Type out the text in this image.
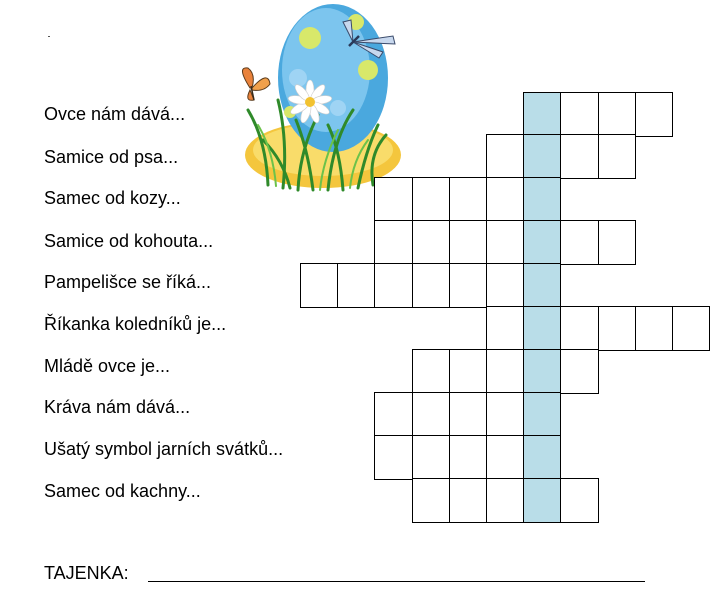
Ovce nám dává...
Samice od psa...
Samec od kozy...
Samice od kohouta...
Pampelišce se říká...
Říkanka koledníků je...
Mládě ovce je...
Kráva nám dává...
Ušatý symbol jarních svátků...
Samec od kachny...
TAJENKA:
